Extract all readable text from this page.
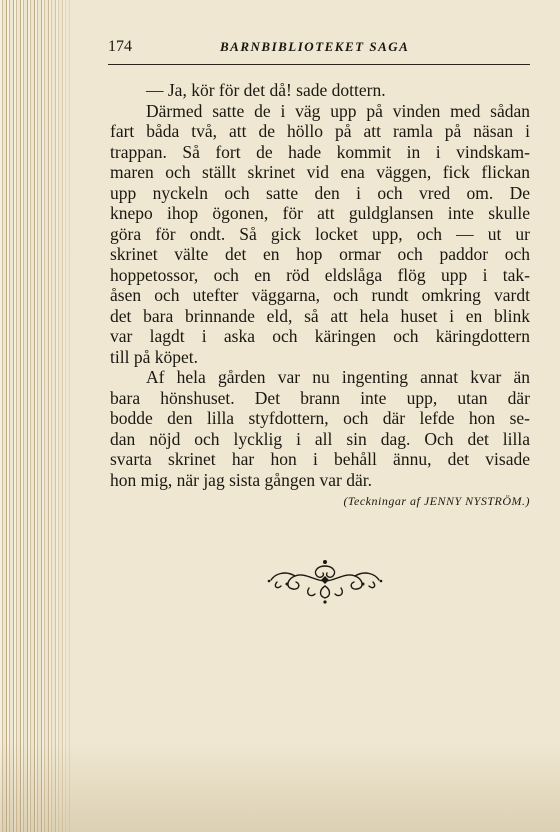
174	BARNBIBLIOTEKET SAGA
— Ja, kör för det då! sade dottern.
Därmed satte de i väg upp på vinden med sådan
fart båda två, att de höllo på att ramla på näsan i
trappan. Så fort de hade kommit in i vindskam-
maren och ställt skrinet vid ena väggen, fick flickan
upp nyckeln och satte den i och vred om. De
knepo ihop ögonen, för att guldglansen inte skulle
göra för ondt. Så gick locket upp, och — ut ur
skrinet välte det en hop ormar och paddor och
hoppetossor, och en röd eldslåga flög upp i tak-
åsen och utefter väggarna, och rundt omkring vardt
det bara brinnande eld, så att hela huset i en blink
var lagdt i aska och käringen och käringdottern
till på köpet.
Af hela gården var nu ingenting annat kvar än
bara hönshuset. Det brann inte upp, utan där
bodde den lilla styfdottern, och där lefde hon se-
dan nöjd och lycklig i all sin dag. Och det lilla
svarta skrinet har hon i behåll ännu, det visade
hon mig, när jag sista gången var där.
(Teckningar af JENNY NYSTRÖM.)
